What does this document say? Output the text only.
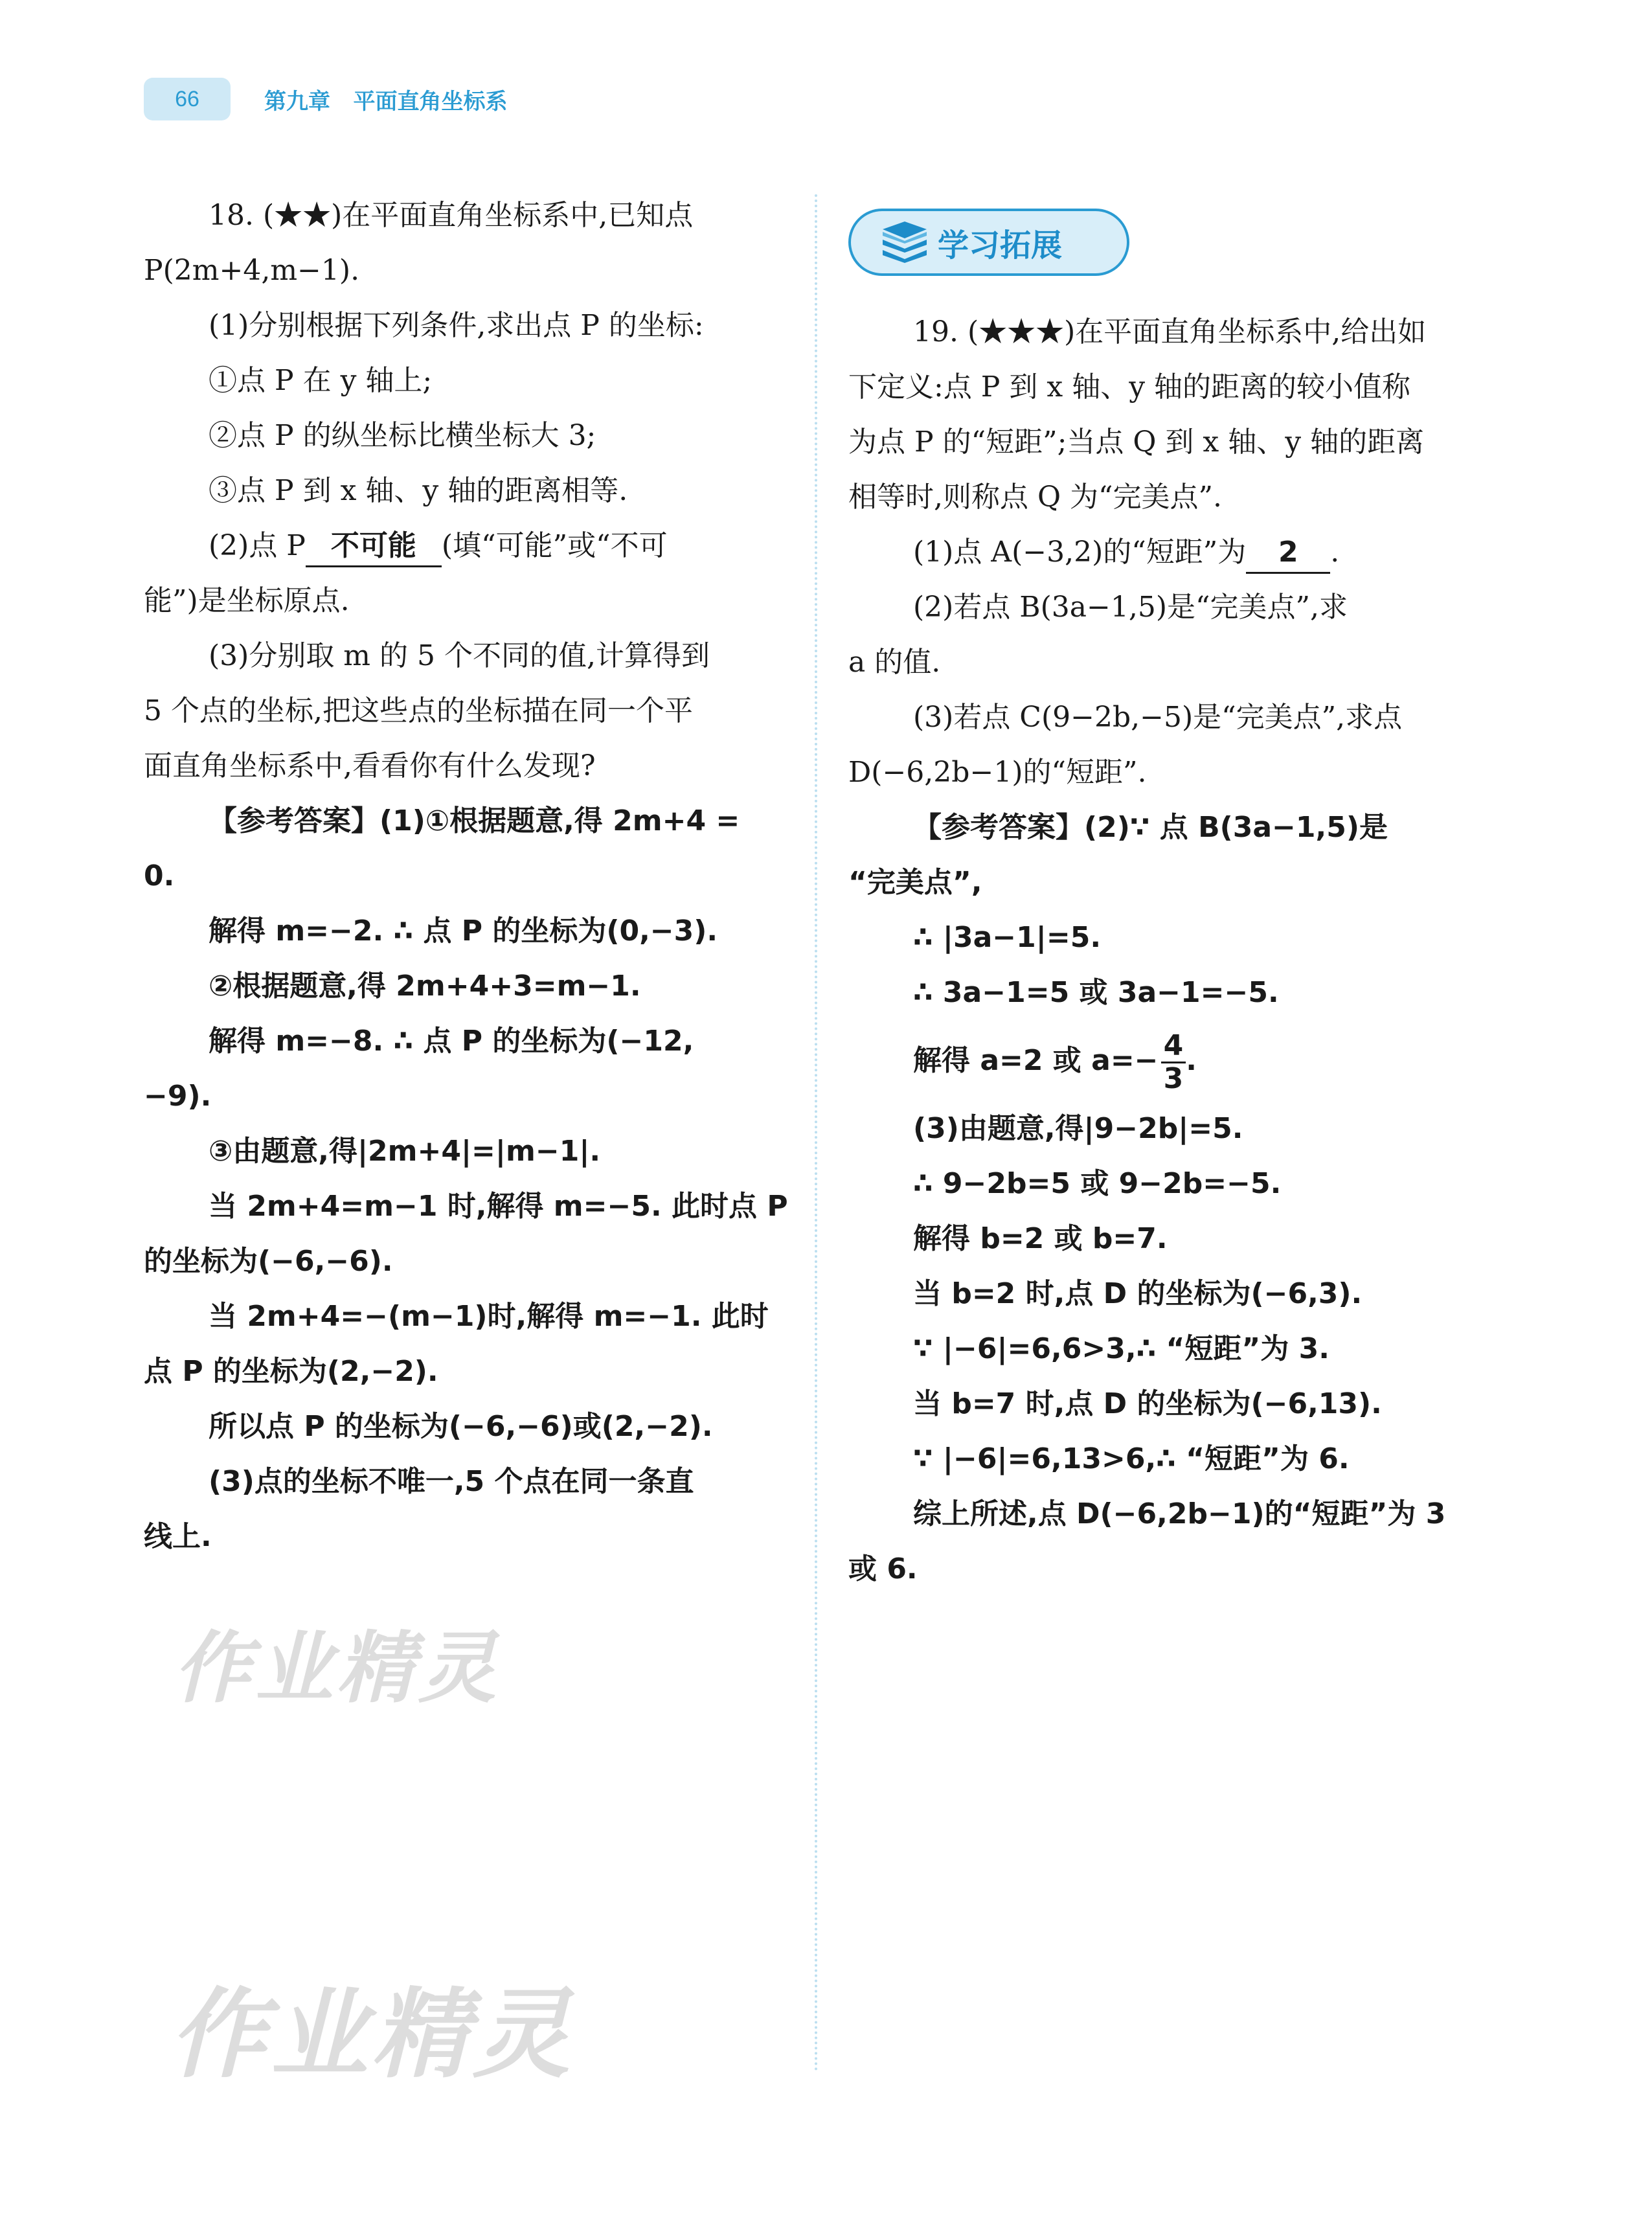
66	第九章   平面直角坐标系
18. (★★)在平面直角坐标系中,已知点
P(2m+4,m−1).
(1)分别根据下列条件,求出点 P 的坐标:
①点 P 在 y 轴上;
②点 P 的纵坐标比横坐标大 3;
③点 P 到 x 轴、y 轴的距离相等.
(2)点 P 不可能 (填“可能”或“不可
能”)是坐标原点.
(3)分别取 m 的 5 个不同的值,计算得到
5 个点的坐标,把这些点的坐标描在同一个平
面直角坐标系中,看看你有什么发现?
【参考答案】(1)①根据题意,得 2m+4 =
0.
解得 m=−2. ∴ 点 P 的坐标为(0,−3).
②根据题意,得 2m+4+3=m−1.
解得 m=−8. ∴ 点 P 的坐标为(−12,
−9).
③由题意,得|2m+4|=|m−1|.
当 2m+4=m−1 时,解得 m=−5. 此时点 P
的坐标为(−6,−6).
当 2m+4=−(m−1)时,解得 m=−1. 此时
点 P 的坐标为(2,−2).
所以点 P 的坐标为(−6,−6)或(2,−2).
(3)点的坐标不唯一,5 个点在同一条直
线上.
学习拓展
19. (★★★)在平面直角坐标系中,给出如
下定义:点 P 到 x 轴、y 轴的距离的较小值称
为点 P 的“短距”;当点 Q 到 x 轴、y 轴的距离
相等时,则称点 Q 为“完美点”.
(1)点 A(−3,2)的“短距”为 2 .
(2)若点 B(3a−1,5)是“完美点”,求
a 的值.
(3)若点 C(9−2b,−5)是“完美点”,求点
D(−6,2b−1)的“短距”.
【参考答案】(2)∵ 点 B(3a−1,5)是
“完美点”,
∴ |3a−1|=5.
∴ 3a−1=5 或 3a−1=−5.
解得 a=2 或 $a=- \frac{4}{3}$ .
(3)由题意,得|9−2b|=5.
∴ 9−2b=5 或 9−2b=−5.
解得 b=2 或 b=7.
当 b=2 时,点 D 的坐标为(−6,3).
∵ |−6|=6,6>3,∴ “短距”为 3.
当 b=7 时,点 D 的坐标为(−6,13).
∵ |−6|=6,13>6,∴ “短距”为 6.
综上所述,点 D(−6,2b−1)的“短距”为 3
或 6.
作业精灵
作业精灵
